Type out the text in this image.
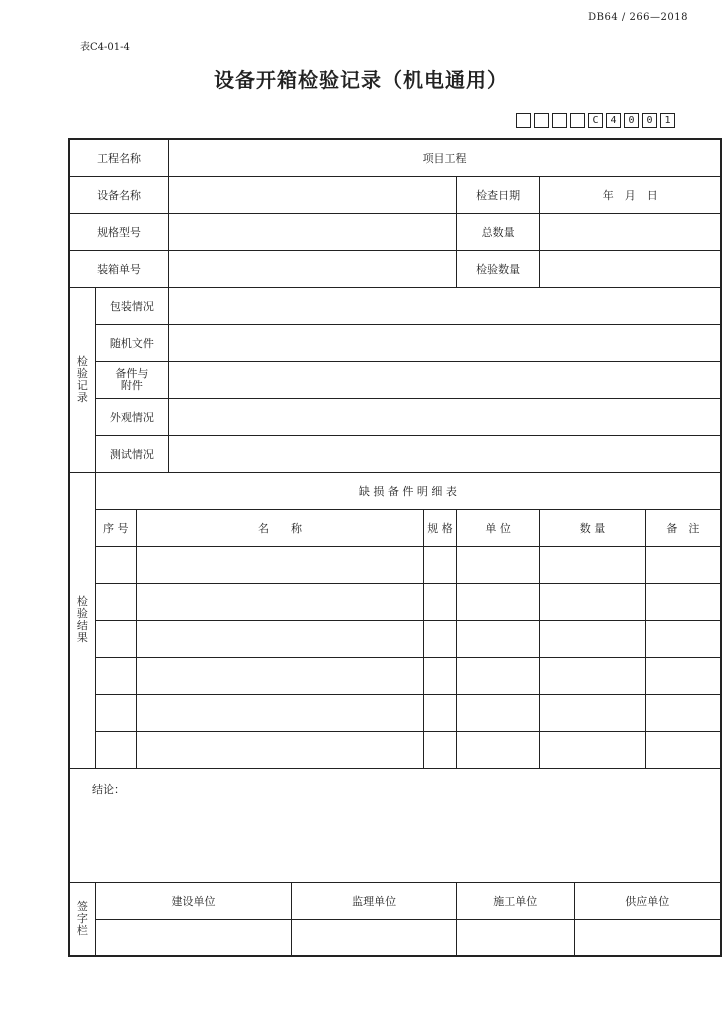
DB64 / 266—2018
表C4-01-4
设备开箱检验记录（机电通用）
C	4	0	0	1
工程名称			项目工程						
设备名称						检查日期	年　月　日		
规格型号						总数量			
装箱单号						检验数量			

检验记录	包装情况								
	随机文件								
	备件与
附件								
	外观情况								
	测试情况								

检验结果	缺 损 备 件 明 细 表								
	序 号	名　　称			规 格	单 位	数 量		备　注

结论：									

签字栏	建设单位			监理单位		施工单位		供应单位	
